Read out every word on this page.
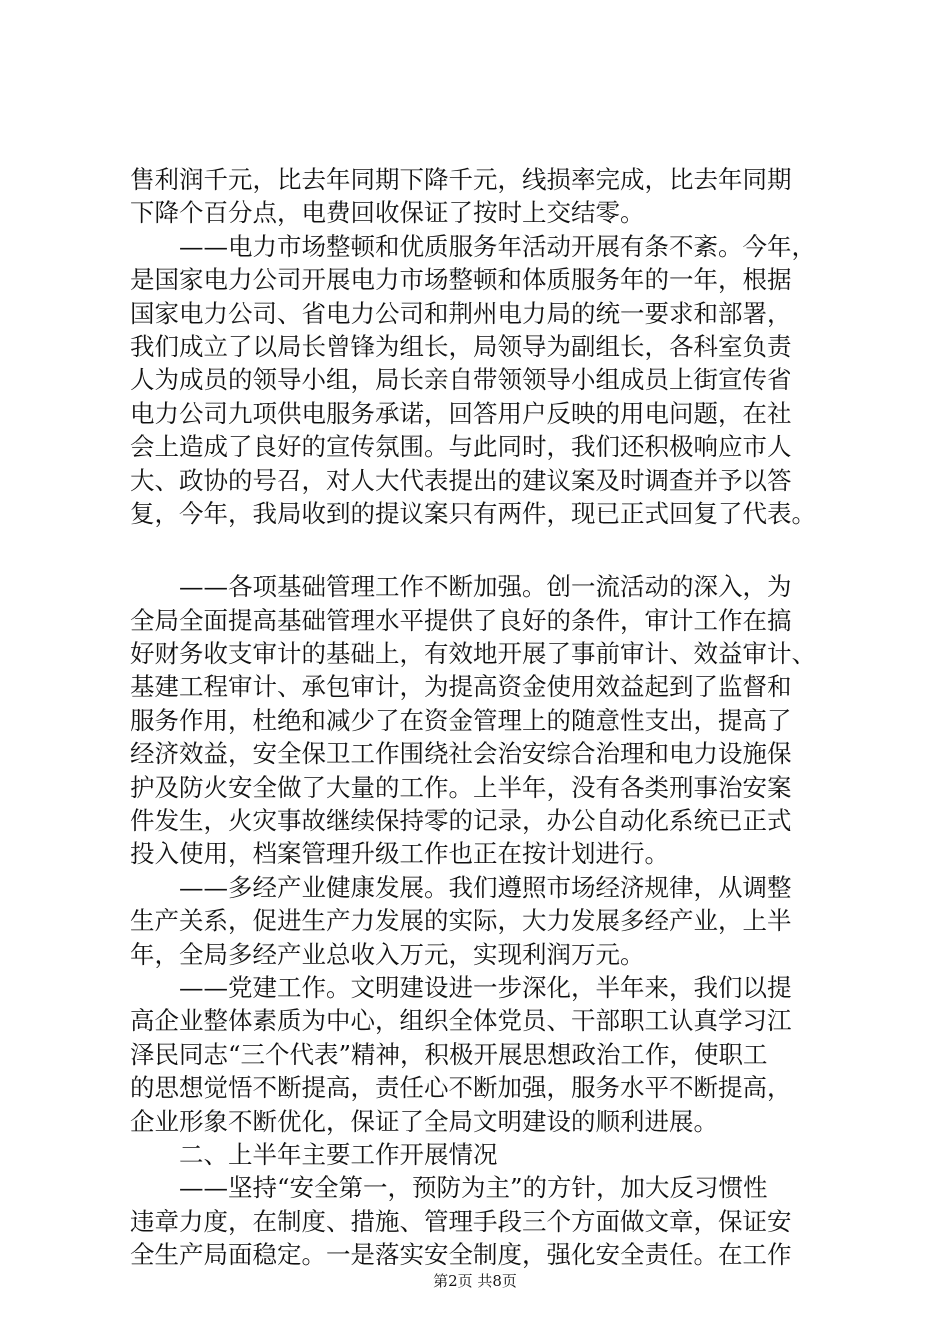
售利润千元，比去年同期下降千元，线损率完成，比去年同期
下降个百分点，电费回收保证了按时上交结零。
——电力市场整顿和优质服务年活动开展有条不紊。今年，
是国家电力公司开展电力市场整顿和体质服务年的一年，根据
国家电力公司、省电力公司和荆州电力局的统一要求和部署，
我们成立了以局长曾锋为组长，局领导为副组长，各科室负责
人为成员的领导小组，局长亲自带领领导小组成员上街宣传省
电力公司九项供电服务承诺，回答用户反映的用电问题，在社
会上造成了良好的宣传氛围。与此同时，我们还积极响应市人
大、政协的号召，对人大代表提出的建议案及时调查并予以答
复，今年，我局收到的提议案只有两件，现已正式回复了代表。
——各项基础管理工作不断加强。创一流活动的深入，为
全局全面提高基础管理水平提供了良好的条件，审计工作在搞
好财务收支审计的基础上，有效地开展了事前审计、效益审计、
基建工程审计、承包审计，为提高资金使用效益起到了监督和
服务作用，杜绝和减少了在资金管理上的随意性支出，提高了
经济效益，安全保卫工作围绕社会治安综合治理和电力设施保
护及防火安全做了大量的工作。上半年，没有各类刑事治安案
件发生，火灾事故继续保持零的记录，办公自动化系统已正式
投入使用，档案管理升级工作也正在按计划进行。
——多经产业健康发展。我们遵照市场经济规律，从调整
生产关系，促进生产力发展的实际，大力发展多经产业，上半
年，全局多经产业总收入万元，实现利润万元。
——党建工作。文明建设进一步深化，半年来，我们以提
高企业整体素质为中心，组织全体党员、干部职工认真学习江
泽民同志“三个代表”精神，积极开展思想政治工作，使职工
的思想觉悟不断提高，责任心不断加强，服务水平不断提高，
企业形象不断优化，保证了全局文明建设的顺利进展。
二、上半年主要工作开展情况
——坚持“安全第一，预防为主”的方针，加大反习惯性
违章力度，在制度、措施、管理手段三个方面做文章，保证安
全生产局面稳定。一是落实安全制度，强化安全责任。在工作
第2页 共8页
